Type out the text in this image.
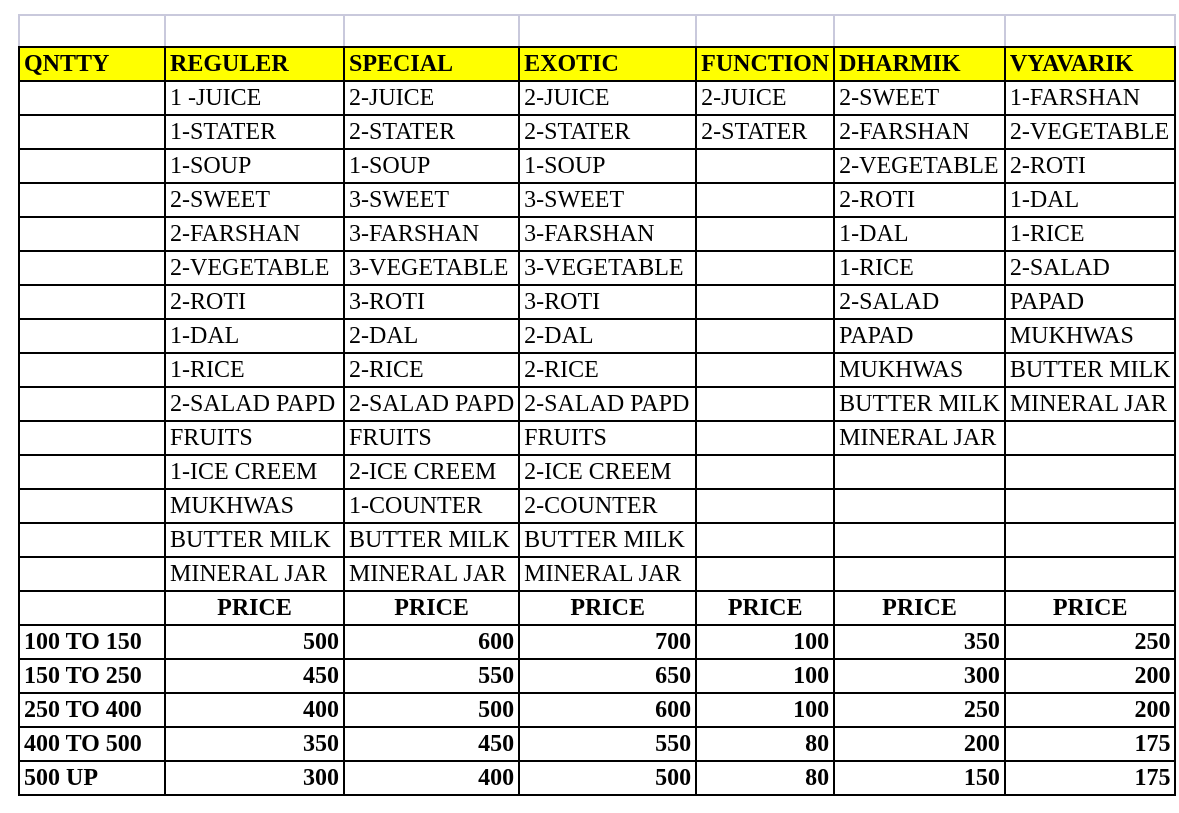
QNTTY	REGULER	SPECIAL	EXOTIC	FUNCTION	DHARMIK	VYAVARIK
	1 -JUICE	2-JUICE	2-JUICE	2-JUICE	2-SWEET	1-FARSHAN
	1-STATER	2-STATER	2-STATER	2-STATER	2-FARSHAN	2-VEGETABLE
	1-SOUP	1-SOUP	1-SOUP		2-VEGETABLE	2-ROTI
	2-SWEET	3-SWEET	3-SWEET		2-ROTI	1-DAL
	2-FARSHAN	3-FARSHAN	3-FARSHAN		1-DAL	1-RICE
	2-VEGETABLE	3-VEGETABLE	3-VEGETABLE		1-RICE	2-SALAD
	2-ROTI	3-ROTI	3-ROTI		2-SALAD	PAPAD
	1-DAL	2-DAL	2-DAL		PAPAD	MUKHWAS
	1-RICE	2-RICE	2-RICE		MUKHWAS	BUTTER MILK
	2-SALAD PAPD	2-SALAD PAPD	2-SALAD PAPD		BUTTER MILK	MINERAL JAR
	FRUITS	FRUITS	FRUITS		MINERAL JAR	
	1-ICE CREEM	2-ICE CREEM	2-ICE CREEM			
	MUKHWAS	1-COUNTER	2-COUNTER			
	BUTTER MILK	BUTTER MILK	BUTTER MILK			
	MINERAL JAR	MINERAL JAR	MINERAL JAR			
	PRICE	PRICE	PRICE	PRICE	PRICE	PRICE
100 TO 150	500	600	700	100	350	250
150 TO 250	450	550	650	100	300	200
250 TO 400	400	500	600	100	250	200
400 TO 500	350	450	550	80	200	175
500 UP	300	400	500	80	150	175
